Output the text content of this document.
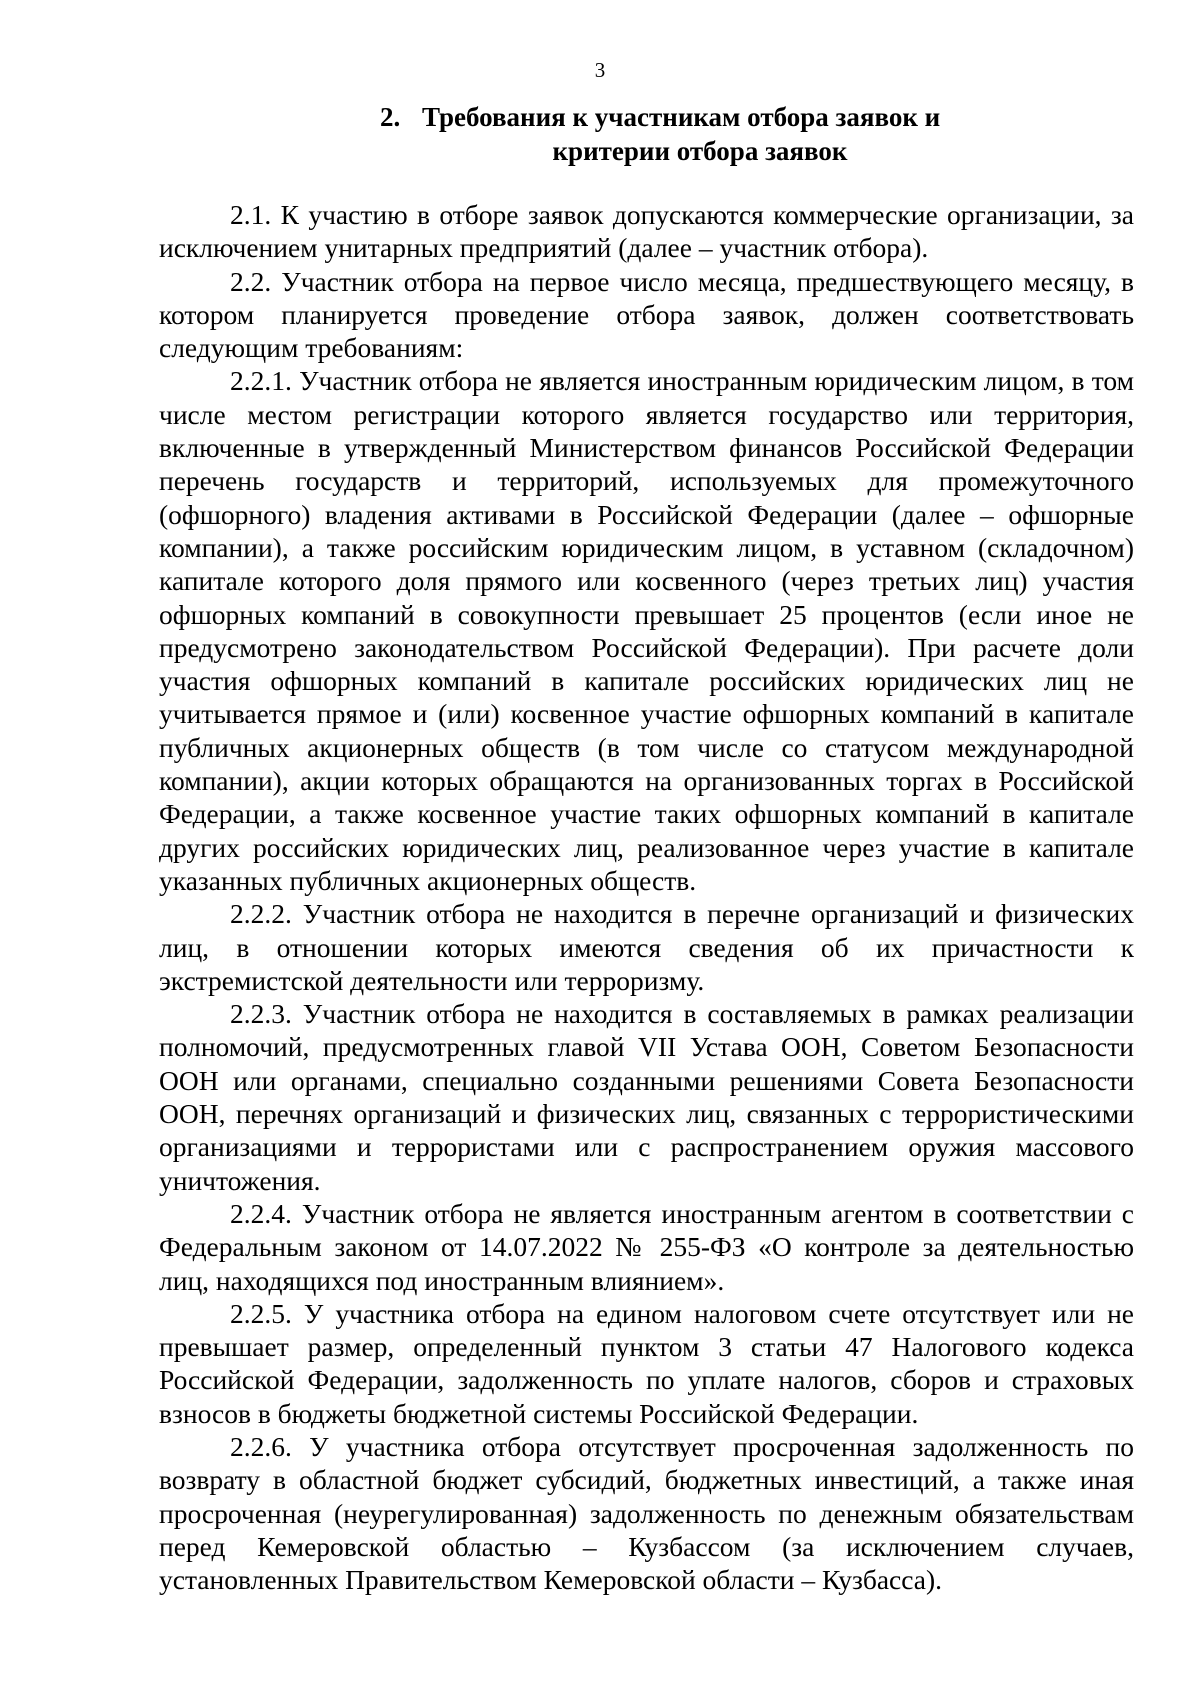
3
2. Требования к участникам отбора заявок и
критерии отбора заявок

2.1. К участию в отборе заявок допускаются коммерческие организации, за исключением унитарных предприятий (далее – участник отбора).

2.2. Участник отбора на первое число месяца, предшествующего месяцу, в котором планируется проведение отбора заявок, должен соответствовать следующим требованиям:

2.2.1. Участник отбора не является иностранным юридическим лицом, в том числе местом регистрации которого является государство или территория, включенные в утвержденный Министерством финансов Российской Федерации перечень государств и территорий, используемых для промежуточного (офшорного) владения активами в Российской Федерации (далее – офшорные компании), а также российским юридическим лицом, в уставном (складочном) капитале которого доля прямого или косвенного (через третьих лиц) участия офшорных компаний в совокупности превышает 25 процентов (если иное не предусмотрено законодательством Российской Федерации). При расчете доли участия офшорных компаний в капитале российских юридических лиц не учитывается прямое и (или) косвенное участие офшорных компаний в капитале публичных акционерных обществ (в том числе со статусом международной компании), акции которых обращаются на организованных торгах в Российской Федерации, а также косвенное участие таких офшорных компаний в капитале других российских юридических лиц, реализованное через участие в капитале указанных публичных акционерных обществ.

2.2.2. Участник отбора не находится в перечне организаций и физических лиц, в отношении которых имеются сведения об их причастности к экстремистской деятельности или терроризму.

2.2.3. Участник отбора не находится в составляемых в рамках реализации полномочий, предусмотренных главой VII Устава ООН, Советом Безопасности ООН или органами, специально созданными решениями Совета Безопасности ООН, перечнях организаций и физических лиц, связанных с террористическими организациями и террористами или с распространением оружия массового уничтожения.

2.2.4. Участник отбора не является иностранным агентом в соответствии с Федеральным законом от 14.07.2022 № 255-ФЗ «О контроле за деятельностью лиц, находящихся под иностранным влиянием».

2.2.5. У участника отбора на едином налоговом счете отсутствует или не превышает размер, определенный пунктом 3 статьи 47 Налогового кодекса Российской Федерации, задолженность по уплате налогов, сборов и страховых взносов в бюджеты бюджетной системы Российской Федерации.

2.2.6. У участника отбора отсутствует просроченная задолженность по возврату в областной бюджет субсидий, бюджетных инвестиций, а также иная просроченная (неурегулированная) задолженность по денежным обязательствам перед Кемеровской областью – Кузбассом (за исключением случаев, установленных Правительством Кемеровской области – Кузбасса).
